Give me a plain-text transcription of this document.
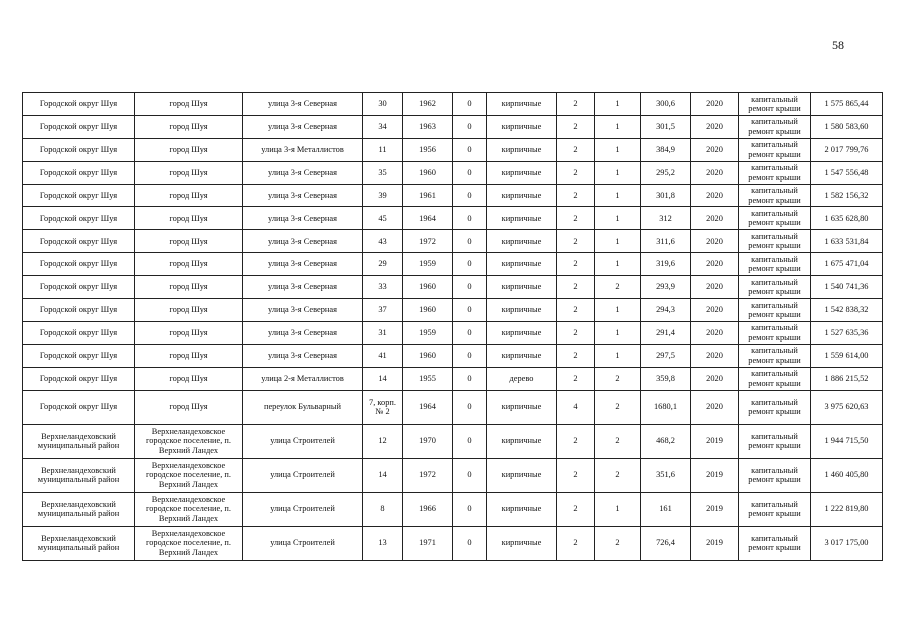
58
Городской округ Шуя	город Шуя	улица 3-я Северная	30	1962	0	кирпичные	2	1	300,6	2020	капитальный ремонт крыши	1 575 865,44
Городской округ Шуя	город Шуя	улица 3-я Северная	34	1963	0	кирпичные	2	1	301,5	2020	капитальный ремонт крыши	1 580 583,60
Городской округ Шуя	город Шуя	улица 3-я Металлистов	11	1956	0	кирпичные	2	1	384,9	2020	капитальный ремонт крыши	2 017 799,76
Городской округ Шуя	город Шуя	улица 3-я Северная	35	1960	0	кирпичные	2	1	295,2	2020	капитальный ремонт крыши	1 547 556,48
Городской округ Шуя	город Шуя	улица 3-я Северная	39	1961	0	кирпичные	2	1	301,8	2020	капитальный ремонт крыши	1 582 156,32
Городской округ Шуя	город Шуя	улица 3-я Северная	45	1964	0	кирпичные	2	1	312	2020	капитальный ремонт крыши	1 635 628,80
Городской округ Шуя	город Шуя	улица 3-я Северная	43	1972	0	кирпичные	2	1	311,6	2020	капитальный ремонт крыши	1 633 531,84
Городской округ Шуя	город Шуя	улица 3-я Северная	29	1959	0	кирпичные	2	1	319,6	2020	капитальный ремонт крыши	1 675 471,04
Городской округ Шуя	город Шуя	улица 3-я Северная	33	1960	0	кирпичные	2	2	293,9	2020	капитальный ремонт крыши	1 540 741,36
Городской округ Шуя	город Шуя	улица 3-я Северная	37	1960	0	кирпичные	2	1	294,3	2020	капитальный ремонт крыши	1 542 838,32
Городской округ Шуя	город Шуя	улица 3-я Северная	31	1959	0	кирпичные	2	1	291,4	2020	капитальный ремонт крыши	1 527 635,36
Городской округ Шуя	город Шуя	улица 3-я Северная	41	1960	0	кирпичные	2	1	297,5	2020	капитальный ремонт крыши	1 559 614,00
Городской округ Шуя	город Шуя	улица 2-я Металлистов	14	1955	0	дерево	2	2	359,8	2020	капитальный ремонт крыши	1 886 215,52
Городской округ Шуя	город Шуя	переулок Бульварный	7, корп. № 2	1964	0	кирпичные	4	2	1680,1	2020	капитальный ремонт крыши	3 975 620,63
Верхнеландеховский муниципальный район	Верхнеландеховское городское поселение, п. Верхний Ландех	улица Строителей	12	1970	0	кирпичные	2	2	468,2	2019	капитальный ремонт крыши	1 944 715,50
Верхнеландеховский муниципальный район	Верхнеландеховское городское поселение, п. Верхний Ландех	улица Строителей	14	1972	0	кирпичные	2	2	351,6	2019	капитальный ремонт крыши	1 460 405,80
Верхнеландеховский муниципальный район	Верхнеландеховское городское поселение, п. Верхний Ландех	улица Строителей	8	1966	0	кирпичные	2	1	161	2019	капитальный ремонт крыши	1 222 819,80
Верхнеландеховский муниципальный район	Верхнеландеховское городское поселение, п. Верхний Ландех	улица Строителей	13	1971	0	кирпичные	2	2	726,4	2019	капитальный ремонт крыши	3 017 175,00
